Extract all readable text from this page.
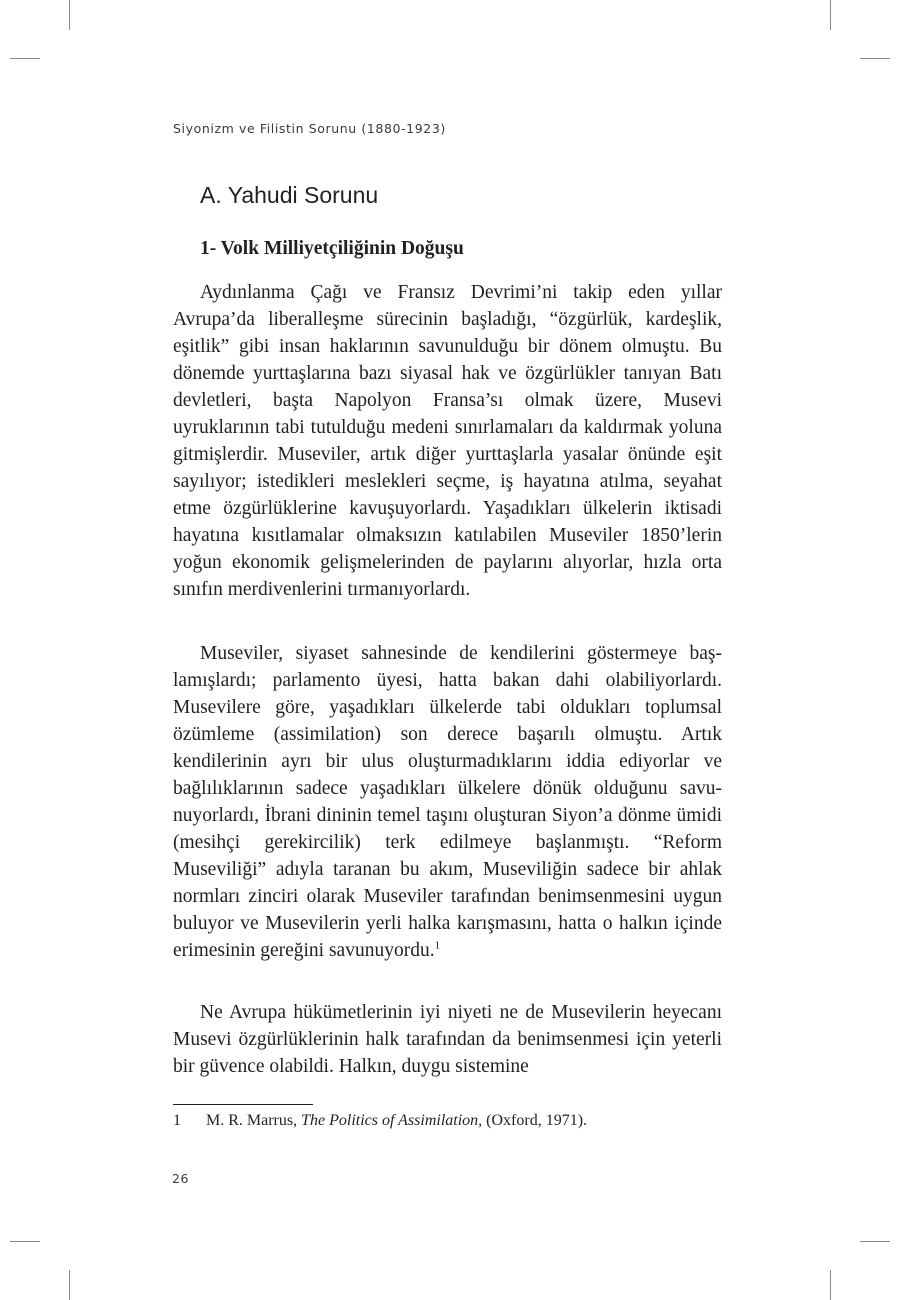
Siyonizm ve Filistin Sorunu (1880-1923)
A. Yahudi Sorunu
1- Volk Milliyetçiliğinin Doğuşu

Aydınlanma Çağı ve Fransız Devrimi’ni takip eden yıllar Avrupa’da liberalleşme sürecinin başladığı, “özgürlük, kardeşlik, eşitlik” gibi insan haklarının savunulduğu bir dönem olmuştu. Bu dönemde yurttaşlarına bazı siyasal hak ve özgürlükler tanıyan Batı devletleri, başta Napolyon Fransa’sı olmak üzere, Musevi uyruklarının tabi tutulduğu medeni sınırlamaları da kaldırmak yoluna gitmişlerdir. Museviler, artık diğer yurttaşlarla yasalar önünde eşit sayılıyor; istedikleri meslekleri seçme, iş hayatına atılma, seyahat etme özgürlüklerine kavuşuyorlardı. Yaşadıkları ülkelerin iktisadi hayatına kısıtlamalar olmaksızın katılabilen Museviler 1850’lerin yoğun ekonomik gelişmelerinden de paylarını alıyorlar, hızla orta sınıfın merdivenlerini tırmanıyorlardı.

Museviler, siyaset sahnesinde de kendilerini göstermeye başlamışlardı; parlamento üyesi, hatta bakan dahi olabiliyorlardı. Musevilere göre, yaşadıkları ülkelerde tabi oldukları toplumsal özümleme (assimilation) son derece başarılı olmuştu. Artık kendilerinin ayrı bir ulus oluşturmadıklarını iddia ediyorlar ve bağlılıklarının sadece yaşadıkları ülkelere dönük olduğunu savunuyorlardı, İbrani dininin temel taşını oluşturan Siyon’a dönme ümidi (mesihçi gerekircilik) terk edilmeye başlanmıştı. “Reform Museviliği” adıyla taranan bu akım, Museviliğin sadece bir ahlak normları zinciri olarak Museviler tarafından benimsenmesini uygun buluyor ve Musevilerin yerli halka karışmasını, hatta o halkın içinde erimesinin gereğini savunuyordu.$^1$

Ne Avrupa hükümetlerinin iyi niyeti ne de Musevilerin heyecanı Musevi özgürlüklerinin halk tarafından da benimsenmesi için yeterli bir güvence olabildi. Halkın, duygu sistemine

1 M. R. Marrus, The Politics of Assimilation, (Oxford, 1971).
26
